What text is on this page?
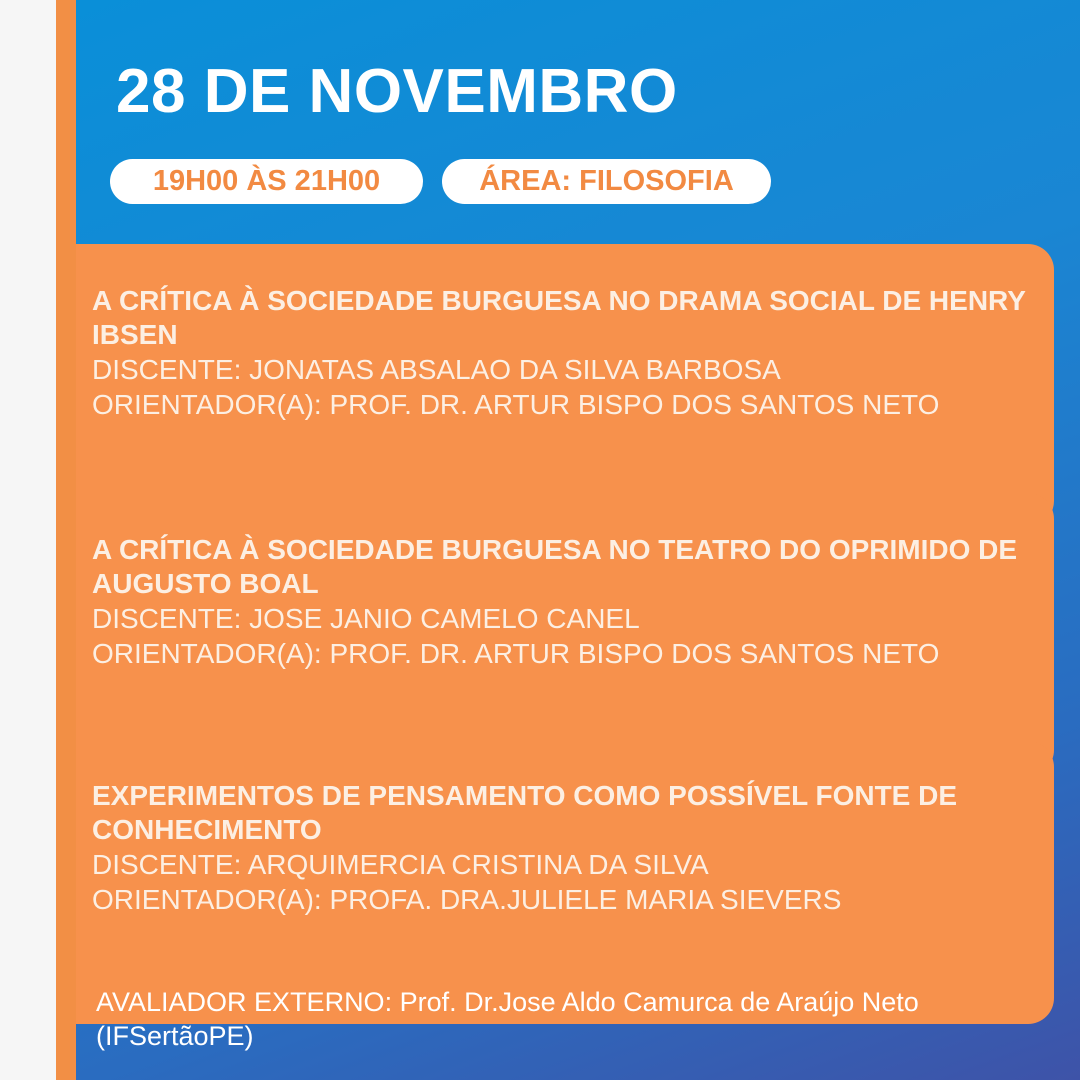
28 DE NOVEMBRO
19H00 ÀS 21H00	ÁREA: FILOSOFIA
A CRÍTICA À SOCIEDADE BURGUESA NO DRAMA SOCIAL DE HENRY IBSEN
DISCENTE: JONATAS ABSALAO DA SILVA BARBOSA
ORIENTADOR(A): PROF. DR. ARTUR BISPO DOS SANTOS NETO
A CRÍTICA À SOCIEDADE BURGUESA NO TEATRO DO OPRIMIDO DE AUGUSTO BOAL
DISCENTE: JOSE JANIO CAMELO CANEL
ORIENTADOR(A): PROF. DR. ARTUR BISPO DOS SANTOS NETO
EXPERIMENTOS DE PENSAMENTO COMO POSSÍVEL FONTE DE CONHECIMENTO
DISCENTE: ARQUIMERCIA CRISTINA DA SILVA
ORIENTADOR(A): PROFA. DRA.JULIELE MARIA SIEVERS
AVALIADOR EXTERNO: Prof. Dr.Jose Aldo Camurca de Araújo Neto
(IFSertãoPE)
